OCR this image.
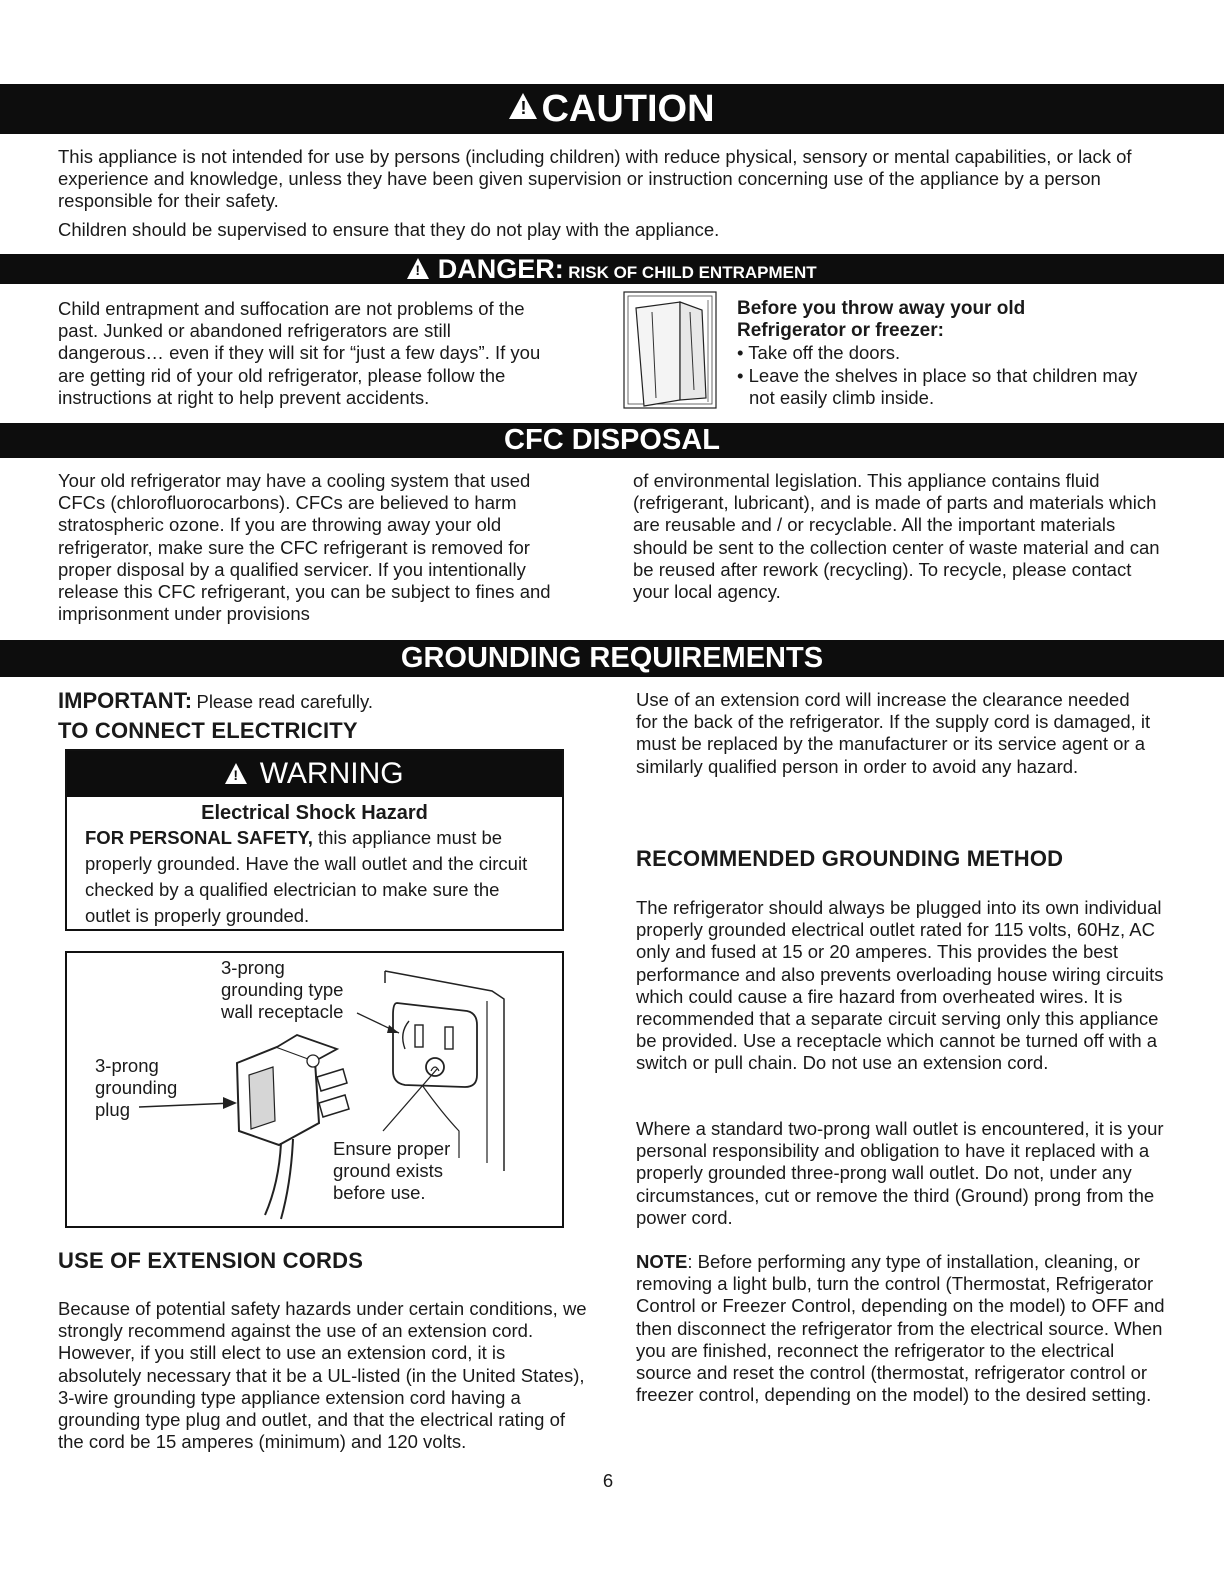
!CAUTION

This appliance is not intended for use by persons (including children) with reduce physical, sensory or mental capabilities, or lack of experience and knowledge, unless they have been given supervision or instruction concerning use of the appliance by a person responsible for their safety.

Children should be supervised to ensure that they do not play with the appliance.

! DANGER: RISK OF CHILD ENTRAPMENT

Child entrapment and suffocation are not problems of the past. Junked or abandoned refrigerators are still dangerous… even if they will sit for “just a few days”. If you are getting rid of your old refrigerator, please follow the instructions at right to help prevent accidents.

Before you throw away your old Refrigerator or freezer:

• Take off the doors.

• Leave the shelves in place so that children may not easily climb inside.

CFC DISPOSAL

Your old refrigerator may have a cooling system that used CFCs (chlorofluorocarbons). CFCs are believed to harm stratospheric ozone. If you are throwing away your old refrigerator, make sure the CFC refrigerant is removed for proper disposal by a qualified servicer. If you intentionally release this CFC refrigerant, you can be subject to fines and imprisonment under provisions

of environmental legislation. This appliance contains fluid (refrigerant, lubricant), and is made of parts and materials which are reusable and / or recyclable. All the important materials should be sent to the collection center of waste material and can be reused after rework (recycling). To recycle, please contact your local agency.

GROUNDING REQUIREMENTS
IMPORTANT: Please read carefully.
TO CONNECT ELECTRICITY
! WARNING
Electrical Shock Hazard

FOR PERSONAL SAFETY, this appliance must be properly grounded. Have the wall outlet and the circuit checked by a qualified electrician to make sure the outlet is properly grounded.

3-prong grounding type wall receptacle
3-prong grounding plug
Ensure proper ground exists before use.
USE OF EXTENSION CORDS

Because of potential safety hazards under certain conditions, we strongly recommend against the use of an extension cord. However, if you still elect to use an extension cord, it is absolutely necessary that it be a UL-listed (in the United States), 3-wire grounding type appliance extension cord having a grounding type plug and outlet, and that the electrical rating of the cord be 15 amperes (minimum) and 120 volts.

Use of an extension cord will increase the clearance needed for the back of the refrigerator. If the supply cord is damaged, it must be replaced by the manufacturer or its service agent or a similarly qualified person in order to avoid any hazard.

RECOMMENDED GROUNDING METHOD

The refrigerator should always be plugged into its own individual properly grounded electrical outlet rated for 115 volts, 60Hz, AC only and fused at 15 or 20 amperes. This provides the best performance and also prevents overloading house wiring circuits which could cause a fire hazard from overheated wires. It is recommended that a separate circuit serving only this appliance be provided. Use a receptacle which cannot be turned off with a switch or pull chain. Do not use an extension cord.

Where a standard two-prong wall outlet is encountered, it is your personal responsibility and obligation to have it replaced with a properly grounded three-prong wall outlet. Do not, under any circumstances, cut or remove the third (Ground) prong from the power cord.

NOTE: Before performing any type of installation, cleaning, or removing a light bulb, turn the control (Thermostat, Refrigerator Control or Freezer Control, depending on the model) to OFF and then disconnect the refrigerator from the electrical source. When you are finished, reconnect the refrigerator to the electrical source and reset the control (thermostat, refrigerator control or freezer control, depending on the model) to the desired setting.

6
